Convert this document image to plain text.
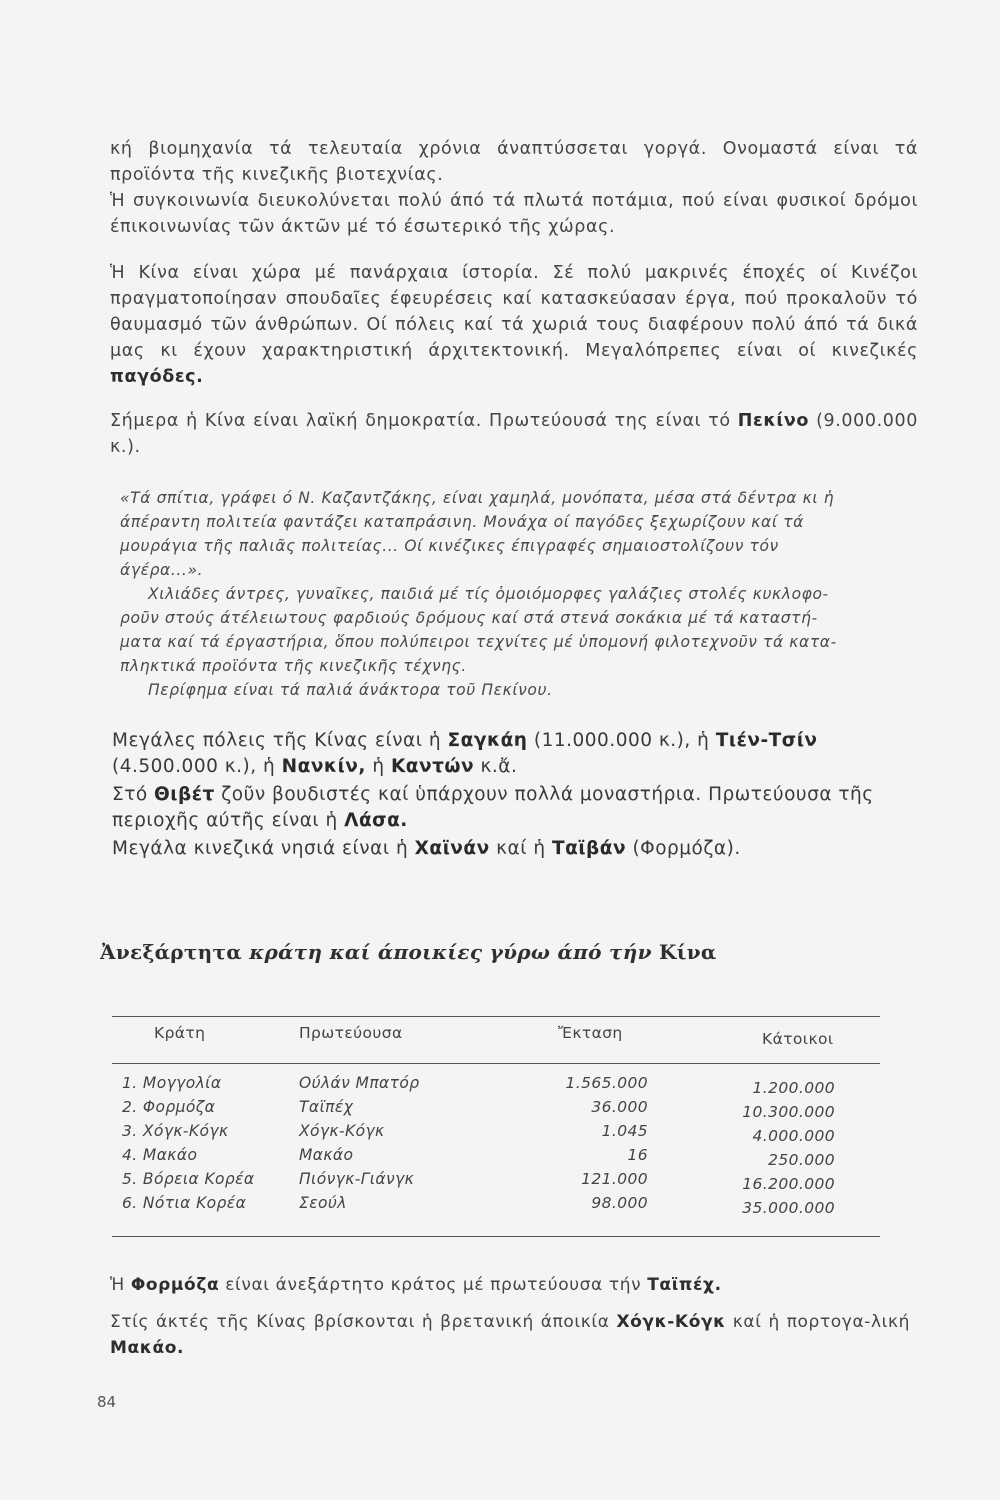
κή βιομηχανία τά τελευταία χρόνια άναπτύσσεται γοργά. Ονομαστά είναι τά προϊόντα τῆς κινεζικῆς βιοτεχνίας.
Ἡ συγκοινωνία διευκολύνεται πολύ άπό τά πλωτά ποτάμια, πού είναι φυσικοί δρόμοι έπικοινωνίας τῶν άκτῶν μέ τό έσωτερικό τῆς χώρας.
Ἡ Κίνα είναι χώρα μέ πανάρχαια ίστορία. Σέ πολύ μακρινές έποχές οί Κινέζοι πραγματοποίησαν σπουδαῖες έφευρέσεις καί κατασκεύασαν έργα, πού προκαλοῦν τό θαυμασμό τῶν άνθρώπων. Οί πόλεις καί τά χωριά τους διαφέρουν πολύ άπό τά δικά μας κι έχουν χαρακτηριστική άρχιτεκτονική. Μεγαλόπρεπες είναι οί κινεζικές παγόδες.
Σήμερα ἡ Κίνα είναι λαϊκή δημοκρατία. Πρωτεύουσά της είναι τό Πεκίνο (9.000.000 κ.).
«Τά σπίτια, γράφει ό Ν. Καζαντζάκης, είναι χαμηλά, μονόπατα, μέσα στά δέντρα κι ἡ
άπέραντη πολιτεία φαντάζει καταπράσινη. Μονάχα οί παγόδες ξεχωρίζουν καί τά
μουράγια τῆς παλιᾶς πολιτείας... Οί κινέζικες έπιγραφές σημαιοστολίζουν τόν
άγέρα...».
Χιλιάδες άντρες, γυναῖκες, παιδιά μέ τίς ὁμοιόμορφες γαλάζιες στολές κυκλοφο-
ροῦν στούς άτέλειωτους φαρδιούς δρόμους καί στά στενά σοκάκια μέ τά καταστή-
ματα καί τά έργαστήρια, ὅπου πολύπειροι τεχνίτες μέ ὑπομονή φιλοτεχνοῦν τά κατα-
πληκτικά προϊόντα τῆς κινεζικῆς τέχνης.
Περίφημα είναι τά παλιά άνάκτορα τοῦ Πεκίνου.
Μεγάλες πόλεις τῆς Κίνας είναι ἡ Σαγκάη (11.000.000 κ.), ἡ Τιέν-Τσίν (4.500.000 κ.), ἡ Νανκίν, ἡ Καντών κ.ἄ.
Στό Θιβέτ ζοῦν βουδιστές καί ὑπάρχουν πολλά μοναστήρια. Πρωτεύουσα τῆς περιοχῆς αύτῆς είναι ἡ Λάσα.
Μεγάλα κινεζικά νησιά είναι ἡ Χαϊνάν καί ἡ Ταϊβάν (Φορμόζα).
Ἀνεξάρτητα κράτη καί άποικίες γύρω άπό τήν Κίνα
Κράτη	Πρωτεύουσα	Ἔκταση	Κάτοικοι
1. Μογγολία	Ούλάν Μπατόρ	1.565.000	1.200.000
2. Φορμόζα	Ταϊπέχ	36.000	10.300.000
3. Χόγκ-Κόγκ	Χόγκ-Κόγκ	1.045	4.000.000
4. Μακάο	Μακάο	16	250.000
5. Βόρεια Κορέα	Πιόνγκ-Γιάνγκ	121.000	16.200.000
6. Νότια Κορέα	Σεούλ	98.000	35.000.000
Ἡ Φορμόζα είναι άνεξάρτητο κράτος μέ πρωτεύουσα τήν Ταϊπέχ.
Στίς άκτές τῆς Κίνας βρίσκονται ἡ βρετανική άποικία Χόγκ-Κόγκ καί ἡ πορτογα-λική Μακάο.
84
